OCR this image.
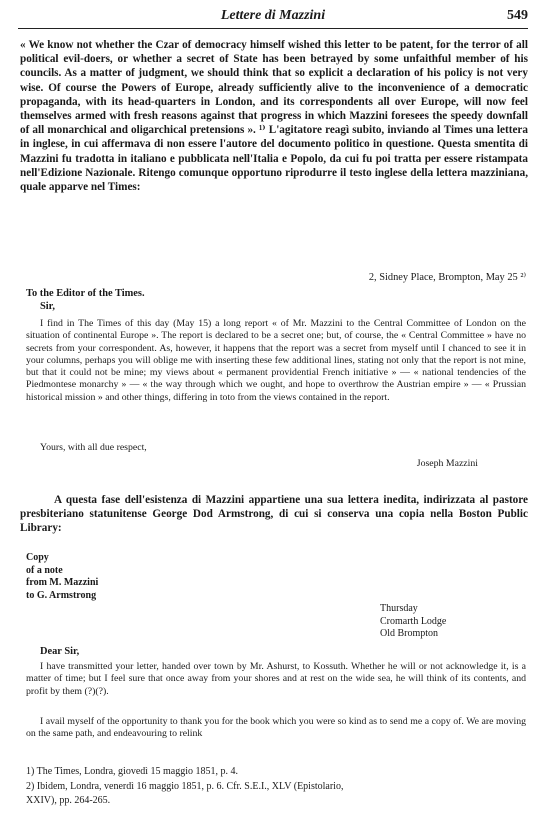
Lettere di Mazzini	549
« We know not whether the Czar of democracy himself wished this letter to be patent, for the terror of all political evil-doers, or whether a secret of State has been betrayed by some unfaithful member of his councils. As a matter of judgment, we should think that so explicit a declaration of his policy is not very wise. Of course the Powers of Europe, already sufficiently alive to the inconvenience of a democratic propaganda, with its head-quarters in London, and its correspondents all over Europe, will now feel themselves armed with fresh reasons against that progress in which Mazzini foresees the speedy downfall of all monarchical and oligarchical pretensions ». ¹⁾ L'agitatore reagì subito, inviando al Times una lettera in inglese, in cui affermava di non essere l'autore del documento politico in questione. Questa smentita di Mazzini fu tradotta in italiano e pubblicata nell'Italia e Popolo, da cui fu poi tratta per essere ristampata nell'Edizione Nazionale. Ritengo comunque opportuno riprodurre il testo inglese della lettera mazziniana, quale apparve nel Times:
2, Sidney Place, Brompton, May 25 ²⁾
To the Editor of the Times.
Sir,
I find in The Times of this day (May 15) a long report « of Mr. Mazzini to the Central Committee of London on the situation of continental Europe ». The report is declared to be a secret one; but, of course, the « Central Committee » have no secrets from your correspondent. As, however, it happens that the report was a secret from myself until I chanced to see it in your columns, perhaps you will oblige me with inserting these few additional lines, stating not only that the report is not mine, but that it could not be mine; my views about « permanent providential French initiative » — « national tendencies of the Piedmontese monarchy » — « the way through which we ought, and hope to overthrow the Austrian empire » — « Prussian historical mission » and other things, differing in toto from the views contained in the report.
Yours, with all due respect,
Joseph Mazzini
A questa fase dell'esistenza di Mazzini appartiene una sua lettera inedita, indirizzata al pastore presbiteriano statunitense George Dod Armstrong, di cui si conserva una copia nella Boston Public Library:
Copy
of a note
from M. Mazzini
to G. Armstrong
Thursday
Cromarth Lodge
Old Brompton
Dear Sir,
I have transmitted your letter, handed over town by Mr. Ashurst, to Kossuth. Whether he will or not acknowledge it, is a matter of time; but I feel sure that once away from your shores and at rest on the wide sea, he will think of its contents, and profit by them (?)(?).
I avail myself of the opportunity to thank you for the book which you were so kind as to send me a copy of. We are moving on the same path, and endeavouring to relink
1) The Times, Londra, giovedì 15 maggio 1851, p. 4.
2) Ibidem, Londra, venerdì 16 maggio 1851, p. 6. Cfr. S.E.I., XLV (Epistolario,
XXIV), pp. 264-265.
